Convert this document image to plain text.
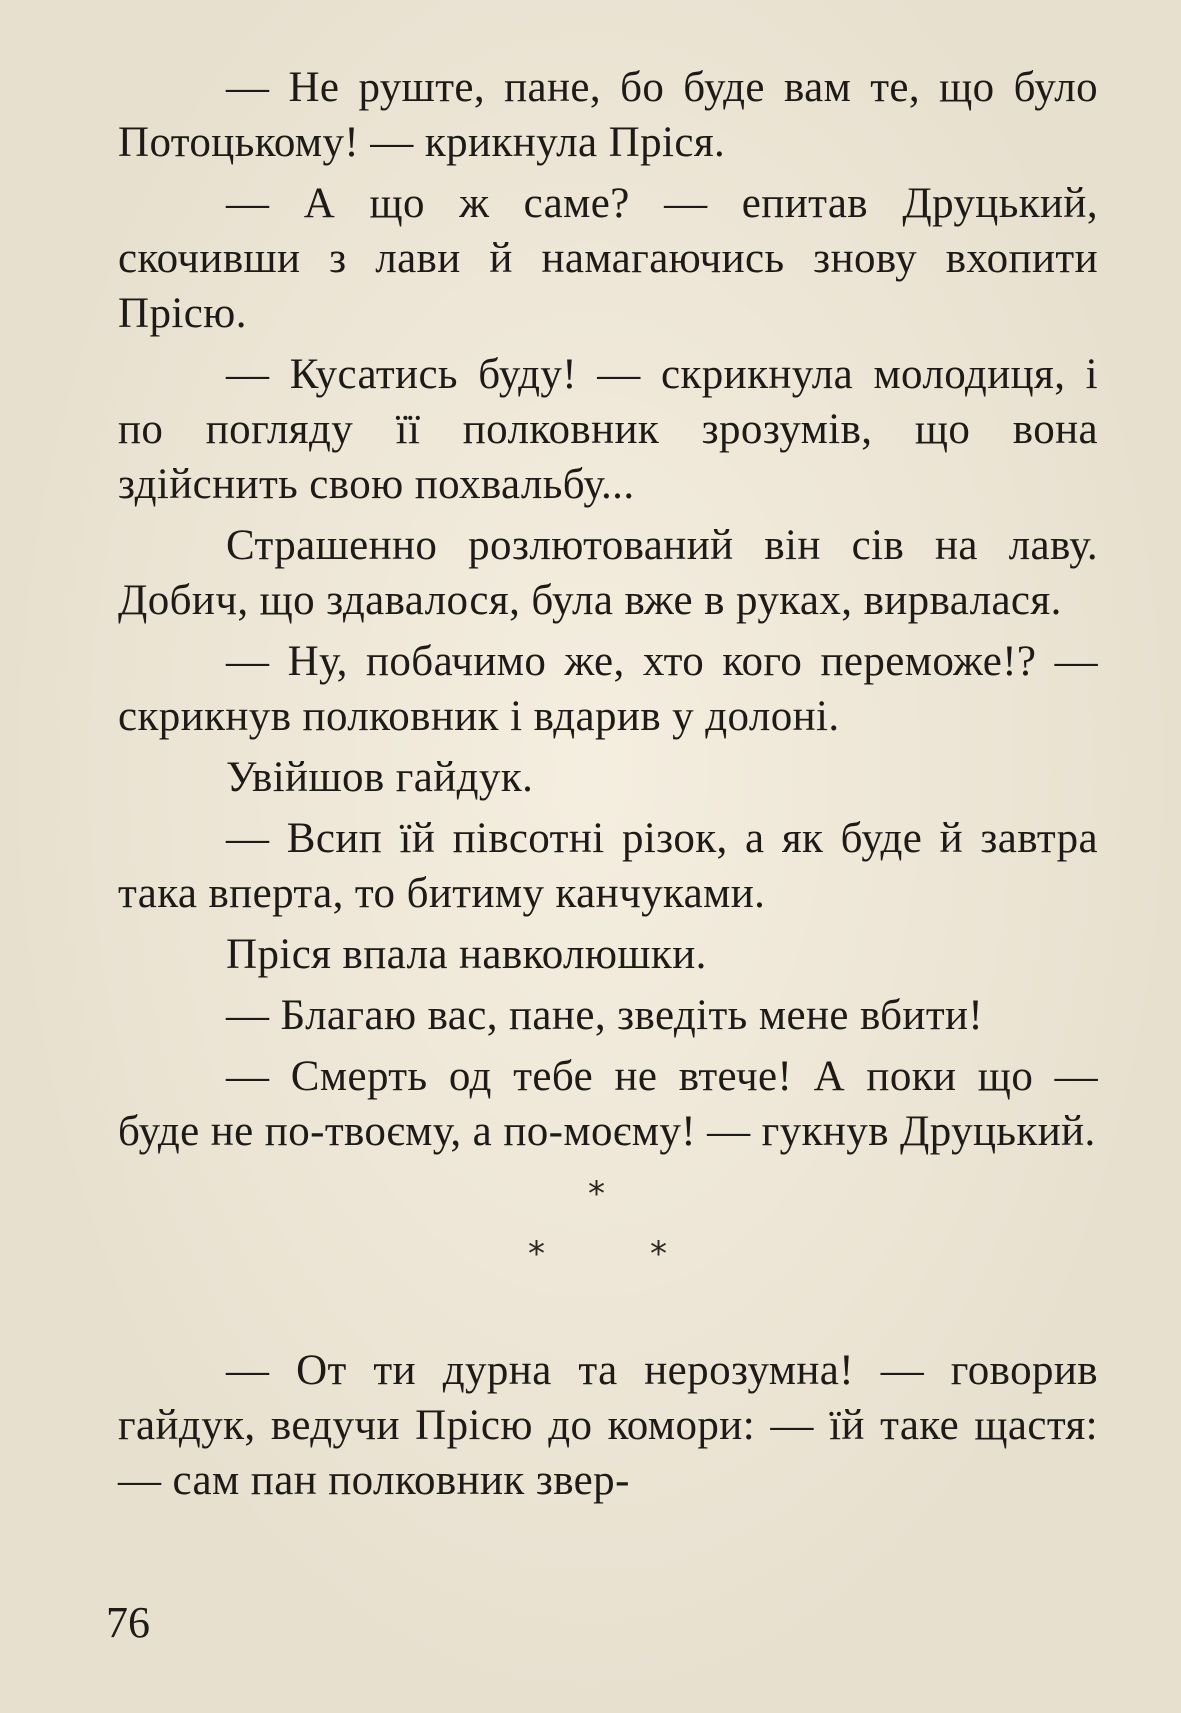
— Не руште, пане, бо буде вам те, що було Потоцькому! — крикнула Пріся.

— А що ж саме? — епитав Друцький, скочивши з лави й намагаючись знову вхопити Прісю.

— Кусатись буду! — скрикнула молодиця, і по погляду її полковник зрозумів, що вона здійснить свою похвальбу...

Страшенно розлютований він сів на лаву. Добич, що здавалося, була вже в руках, вирвалася.

— Ну, побачимо же, хто кого переможе!? — скрикнув полковник і вдарив у долоні.

Увійшов гайдук.

— Всип їй півсотні різок, а як буде й завтра така вперта, то битиму канчуками.

Пріся впала навколюшки.

— Благаю вас, пане, зведіть мене вбити!

— Смерть од тебе не втече! А поки що — буде не по-твоєму, а по-моєму! — гукнув Друцький.

*
*	*

— От ти дурна та нерозумна! — говорив гайдук, ведучи Прісю до комори: — їй таке щастя: — сам пан полковник звер-

76
